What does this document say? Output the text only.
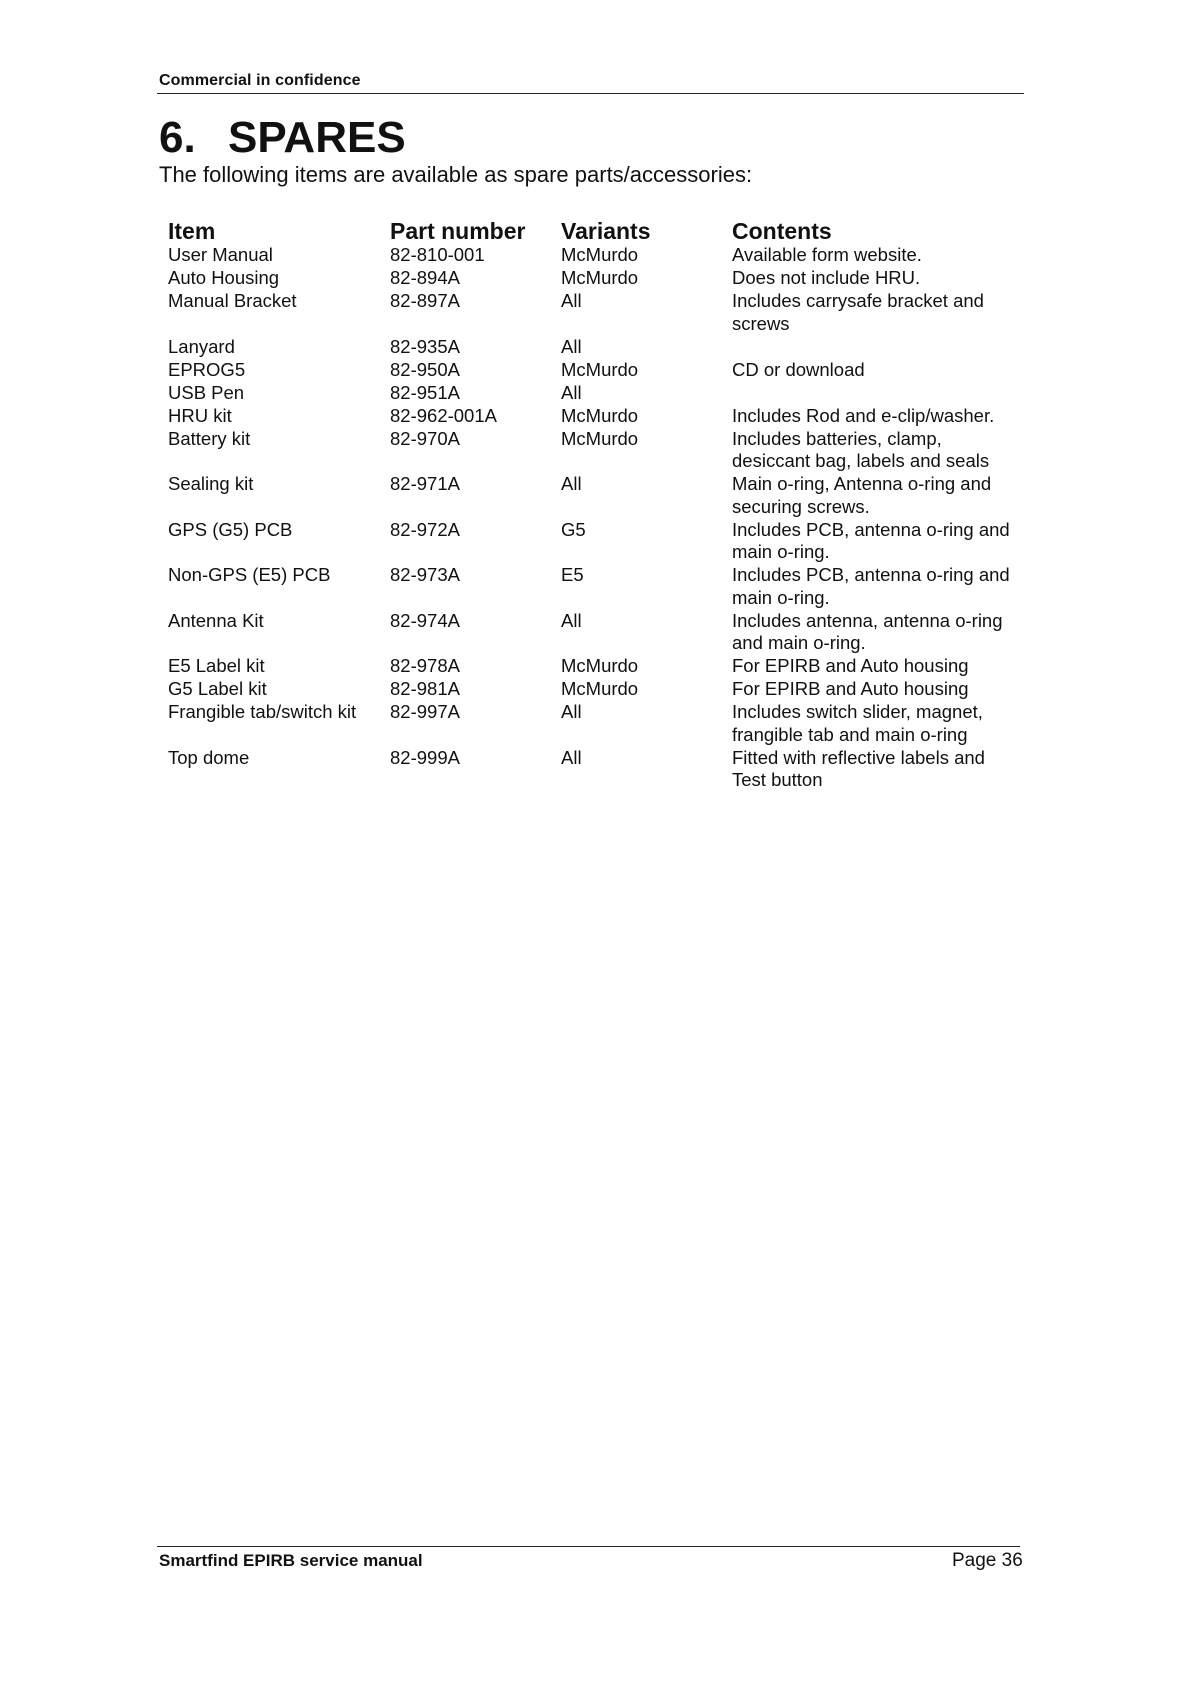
Commercial in confidence
6. SPARES
The following items are available as spare parts/accessories:
Item	Part number	Variants	Contents
User Manual	82-810-001	McMurdo	Available form website.
Auto Housing	82-894A	McMurdo	Does not include HRU.
Manual Bracket	82-897A	All	Includes carrysafe bracket and screws
Lanyard	82-935A	All	
EPROG5	82-950A	McMurdo	CD or download
USB Pen	82-951A	All	
HRU kit	82-962-001A	McMurdo	Includes Rod and e-clip/washer.
Battery kit	82-970A	McMurdo	Includes batteries, clamp, desiccant bag, labels and seals
Sealing kit	82-971A	All	Main o-ring, Antenna o-ring and securing screws.
GPS (G5) PCB	82-972A	G5	Includes PCB, antenna o-ring and main o-ring.
Non-GPS (E5) PCB	82-973A	E5	Includes PCB, antenna o-ring and main o-ring.
Antenna Kit	82-974A	All	Includes antenna, antenna o-ring and main o-ring.
E5 Label kit	82-978A	McMurdo	For EPIRB and Auto housing
G5 Label kit	82-981A	McMurdo	For EPIRB and Auto housing
Frangible tab/switch kit	82-997A	All	Includes switch slider, magnet, frangible tab and main o-ring
Top dome	82-999A	All	Fitted with reflective labels and Test button
Smartfind EPIRB service manual	Page 36
